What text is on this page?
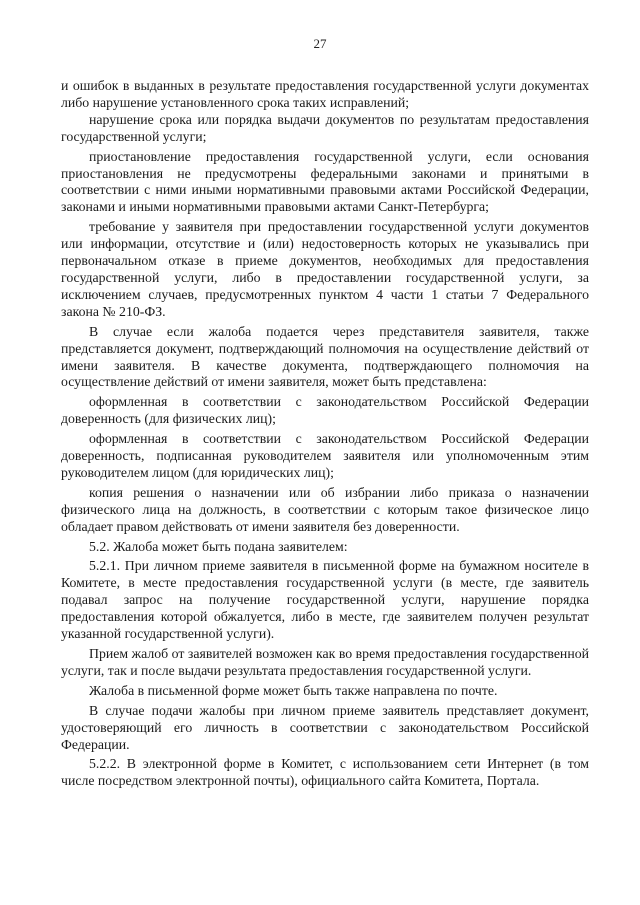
27

и ошибок в выданных в результате предоставления государственной услуги документах либо нарушение установленного срока таких исправлений;

нарушение срока или порядка выдачи документов по результатам предоставления государственной услуги;

приостановление предоставления государственной услуги, если основания приостановления не предусмотрены федеральными законами и принятыми в соответствии с ними иными нормативными правовыми актами Российской Федерации, законами и иными нормативными правовыми актами Санкт-Петербурга;

требование у заявителя при предоставлении государственной услуги документов или информации, отсутствие и (или) недостоверность которых не указывались при первоначальном отказе в приеме документов, необходимых для предоставления государственной услуги, либо в предоставлении государственной услуги, за исключением случаев, предусмотренных пунктом 4 части 1 статьи 7 Федерального закона № 210-ФЗ.

В случае если жалоба подается через представителя заявителя, также представляется документ, подтверждающий полномочия на осуществление действий от имени заявителя. В качестве документа, подтверждающего полномочия на осуществление действий от имени заявителя, может быть представлена:

оформленная в соответствии с законодательством Российской Федерации доверенность (для физических лиц);

оформленная в соответствии с законодательством Российской Федерации доверенность, подписанная руководителем заявителя или уполномоченным этим руководителем лицом (для юридических лиц);

копия решения о назначении или об избрании либо приказа о назначении физического лица на должность, в соответствии с которым такое физическое лицо обладает правом действовать от имени заявителя без доверенности.

5.2. Жалоба может быть подана заявителем:

5.2.1. При личном приеме заявителя в письменной форме на бумажном носителе в Комитете, в месте предоставления государственной услуги (в месте, где заявитель подавал запрос на получение государственной услуги, нарушение порядка предоставления которой обжалуется, либо в месте, где заявителем получен результат указанной государственной услуги).

Прием жалоб от заявителей возможен как во время предоставления государственной услуги, так и после выдачи результата предоставления государственной услуги.

Жалоба в письменной форме может быть также направлена по почте.

В случае подачи жалобы при личном приеме заявитель представляет документ, удостоверяющий его личность в соответствии с законодательством Российской Федерации.

5.2.2. В электронной форме в Комитет, с использованием сети Интернет (в том числе посредством электронной почты), официального сайта Комитета, Портала.
